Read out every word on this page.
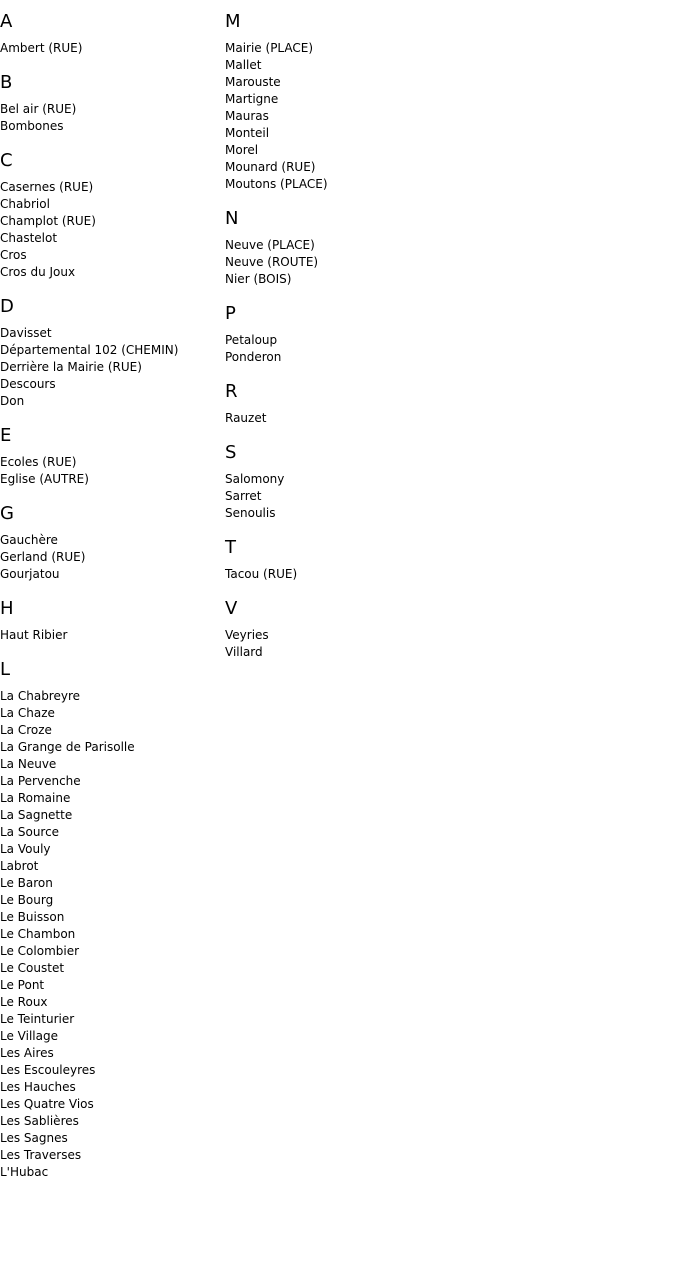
A
Ambert (RUE)
B
Bel air (RUE)
Bombones
C
Casernes (RUE)
Chabriol
Champlot (RUE)
Chastelot
Cros
Cros du Joux
D
Davisset
Départemental 102 (CHEMIN)
Derrière la Mairie (RUE)
Descours
Don
E
Ecoles (RUE)
Eglise (AUTRE)
G
Gauchère
Gerland (RUE)
Gourjatou
H
Haut Ribier
L
La Chabreyre
La Chaze
La Croze
La Grange de Parisolle
La Neuve
La Pervenche
La Romaine
La Sagnette
La Source
La Vouly
Labrot
Le Baron
Le Bourg
Le Buisson
Le Chambon
Le Colombier
Le Coustet
Le Pont
Le Roux
Le Teinturier
Le Village
Les Aires
Les Escouleyres
Les Hauches
Les Quatre Vios
Les Sablières
Les Sagnes
Les Traverses
L'Hubac
M
Mairie (PLACE)
Mallet
Marouste
Martigne
Mauras
Monteil
Morel
Mounard (RUE)
Moutons (PLACE)
N
Neuve (PLACE)
Neuve (ROUTE)
Nier (BOIS)
P
Petaloup
Ponderon
R
Rauzet
S
Salomony
Sarret
Senoulis
T
Tacou (RUE)
V
Veyries
Villard
